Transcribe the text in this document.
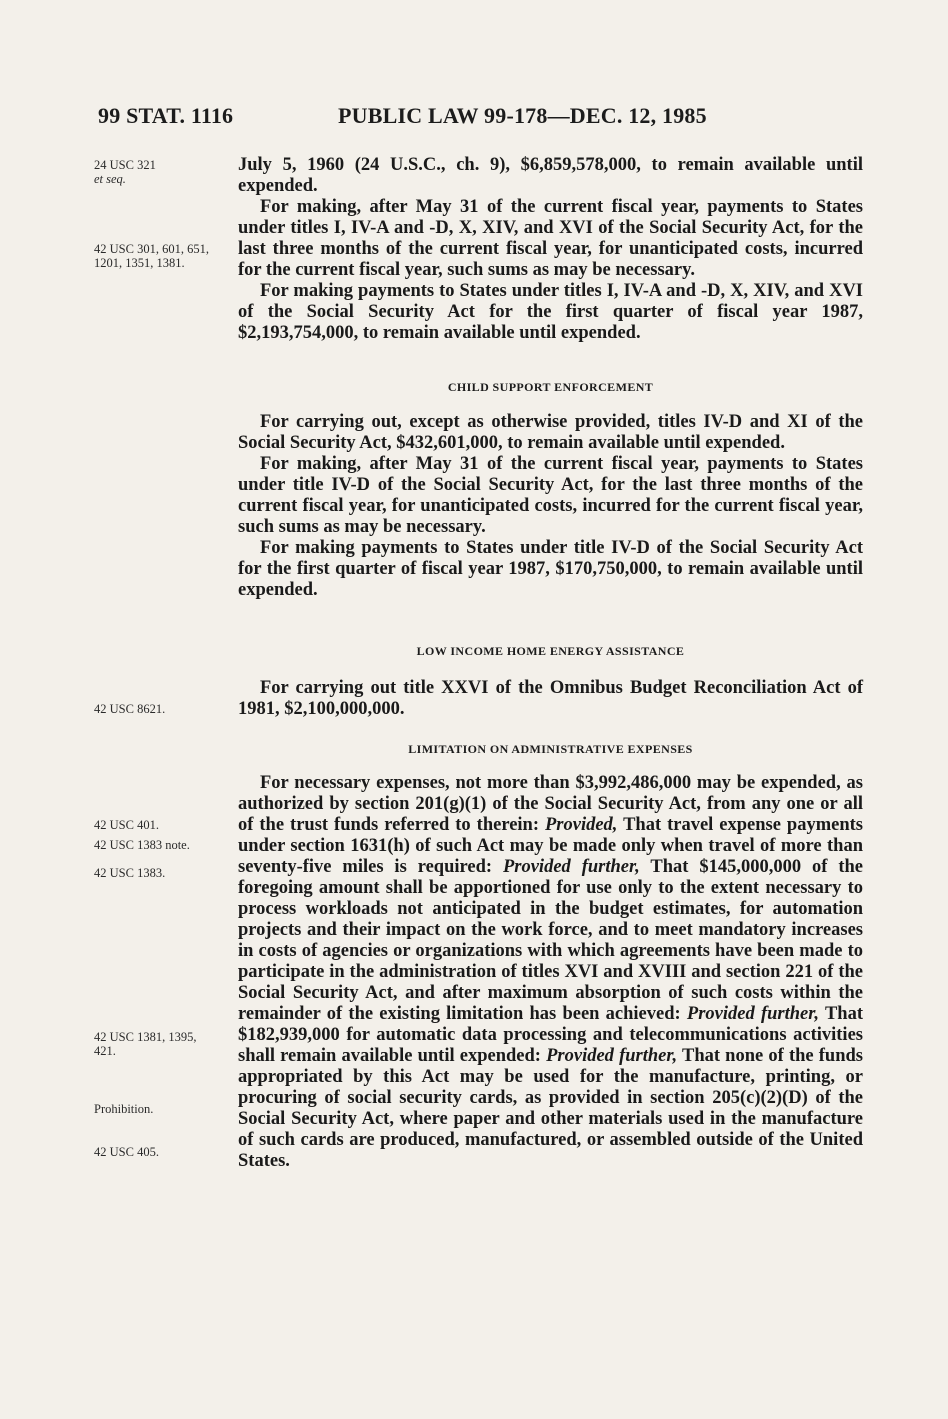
99 STAT. 1116	PUBLIC LAW 99-178—DEC. 12, 1985
24 USC 321
et seq.
42 USC 301, 601, 651, 1201, 1351, 1381.
42 USC 8621.
42 USC 401.
42 USC 1383 note.
42 USC 1383.
42 USC 1381, 1395, 421.
Prohibition.
42 USC 405.

July 5, 1960 (24 U.S.C., ch. 9), $6,859,578,000, to remain available until expended.

For making, after May 31 of the current fiscal year, payments to States under titles I, IV-A and -D, X, XIV, and XVI of the Social Security Act, for the last three months of the current fiscal year, for unanticipated costs, incurred for the current fiscal year, such sums as may be necessary.

For making payments to States under titles I, IV-A and -D, X, XIV, and XVI of the Social Security Act for the first quarter of fiscal year 1987, $2,193,754,000, to remain available until expended.

CHILD SUPPORT ENFORCEMENT

For carrying out, except as otherwise provided, titles IV-D and XI of the Social Security Act, $432,601,000, to remain available until expended.

For making, after May 31 of the current fiscal year, payments to States under title IV-D of the Social Security Act, for the last three months of the current fiscal year, for unanticipated costs, incurred for the current fiscal year, such sums as may be necessary.

For making payments to States under title IV-D of the Social Security Act for the first quarter of fiscal year 1987, $170,750,000, to remain available until expended.

LOW INCOME HOME ENERGY ASSISTANCE

For carrying out title XXVI of the Omnibus Budget Reconciliation Act of 1981, $2,100,000,000.

LIMITATION ON ADMINISTRATIVE EXPENSES

For necessary expenses, not more than $3,992,486,000 may be expended, as authorized by section 201(g)(1) of the Social Security Act, from any one or all of the trust funds referred to therein: Provided, That travel expense payments under section 1631(h) of such Act may be made only when travel of more than seventy-five miles is required: Provided further, That $145,000,000 of the foregoing amount shall be apportioned for use only to the extent necessary to process workloads not anticipated in the budget estimates, for automation projects and their impact on the work force, and to meet mandatory increases in costs of agencies or organizations with which agreements have been made to participate in the administration of titles XVI and XVIII and section 221 of the Social Security Act, and after maximum absorption of such costs within the remainder of the existing limitation has been achieved: Provided further, That $182,939,000 for automatic data processing and telecommunications activities shall remain available until expended: Provided further, That none of the funds appropriated by this Act may be used for the manufacture, printing, or procuring of social security cards, as provided in section 205(c)(2)(D) of the Social Security Act, where paper and other materials used in the manufacture of such cards are produced, manufactured, or assembled outside of the United States.
